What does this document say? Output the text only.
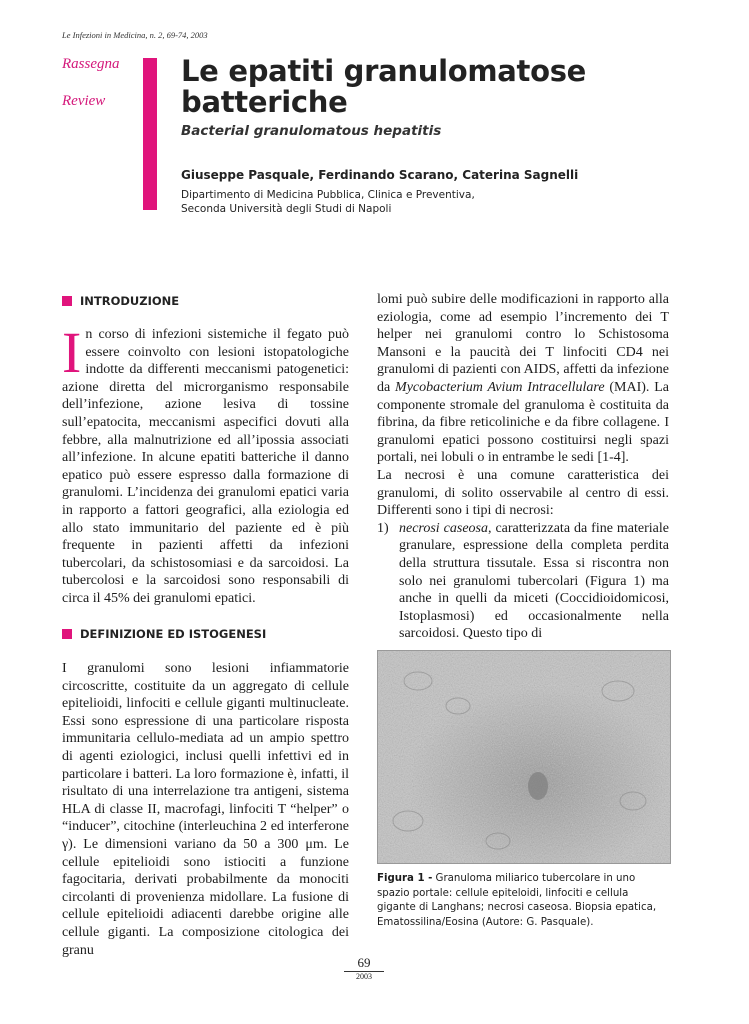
Le Infezioni in Medicina, n. 2, 69-74, 2003
Rassegna
Review
Le epatiti granulomatose batteriche
Bacterial granulomatous hepatitis
Giuseppe Pasquale, Ferdinando Scarano, Caterina Sagnelli
Dipartimento di Medicina Pubblica, Clinica e Preventiva,
Seconda Università degli Studi di Napoli
INTRODUZIONE

In corso di infezioni sistemiche il fegato può essere coinvolto con lesioni istopatologiche indotte da differenti meccanismi patogenetici: azione diretta del microrganismo responsabile dell’infezione, azione lesiva di tossine sull’epatocita, meccanismi aspecifici dovuti alla febbre, alla malnutrizione ed all’ipossia associati all’infezione. In alcune epatiti batteriche il danno epatico può essere espresso dalla formazione di granulomi. L’incidenza dei granulomi epatici varia in rapporto a fattori geografici, alla eziologia ed allo stato immunitario del paziente ed è più frequente in pazienti affetti da infezioni tubercolari, da schistosomiasi e da sarcoidosi. La tubercolosi e la sarcoidosi sono responsabili di circa il 45% dei granulomi epatici.

DEFINIZIONE ED ISTOGENESI

I granulomi sono lesioni infiammatorie circoscritte, costituite da un aggregato di cellule epitelioidi, linfociti e cellule giganti multinucleate. Essi sono espressione di una particolare risposta immunitaria cellulo-mediata ad un ampio spettro di agenti eziologici, inclusi quelli infettivi ed in particolare i batteri. La loro formazione è, infatti, il risultato di una interrelazione tra antigeni, sistema HLA di classe II, macrofagi, linfociti T “helper” o “inducer”, citochine (interleuchina 2 ed interferone γ). Le dimensioni variano da 50 a 300 μm. Le cellule epitelioidi sono istiociti a funzione fagocitaria, derivati probabilmente da monociti circolanti di provenienza midollare. La fusione di cellule epitelioidi adiacenti darebbe origine alle cellule giganti. La composizione citologica dei granu

lomi può subire delle modificazioni in rapporto alla eziologia, come ad esempio l’incremento dei T helper nei granulomi contro lo Schistosoma Mansoni e la paucità dei T linfociti CD4 nei granulomi di pazienti con AIDS, affetti da infezione da Mycobacterium Avium Intracellulare (MAI). La componente stromale del granuloma è costituita da fibrina, da fibre reticoliniche e da fibre collagene. I granulomi epatici possono costituirsi negli spazi portali, nei lobuli o in entrambe le sedi [1-4].
La necrosi è una comune caratteristica dei granulomi, di solito osservabile al centro di essi. Differenti sono i tipi di necrosi:
1) necrosi caseosa, caratterizzata da fine materiale granulare, espressione della completa perdita della struttura tissutale. Essa si riscontra non solo nei granulomi tubercolari (Figura 1) ma anche in quelli da miceti (Coccidioidomicosi, Istoplasmosi) ed occasionalmente nella sarcoidosi. Questo tipo di

Figura 1 - Granuloma miliarico tubercolare in uno spazio portale: cellule epiteloidi, linfociti e cellula gigante di Langhans; necrosi caseosa. Biopsia epatica, Ematossilina/Eosina (Autore: G. Pasquale).

69
2003
